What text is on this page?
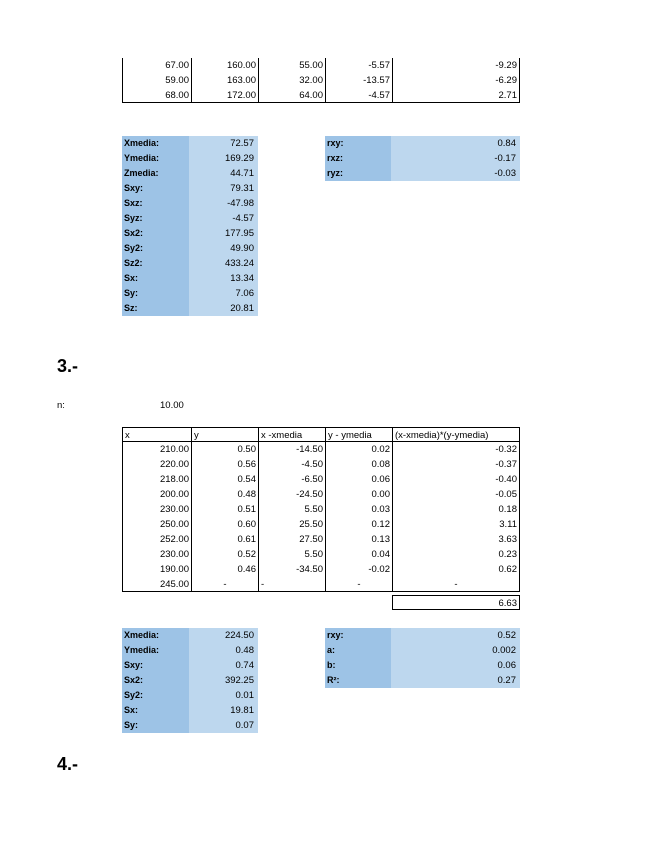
67.00	160.00	55.00	-5.57	-9.29
59.00	163.00	32.00	-13.57	-6.29
68.00	172.00	64.00	-4.57	2.71
Xmedia:	72.57
Ymedia:	169.29
Zmedia:	44.71
Sxy:	79.31
Sxz:	-47.98
Syz:	-4.57
Sx2:	177.95
Sy2:	49.90
Sz2:	433.24
Sx:	13.34
Sy:	7.06
Sz:	20.81
rxy:	0.84
rxz:	-0.17
ryz:	-0.03
3.-
n:	10.00
x	y	x -xmedia	y - ymedia	(x-xmedia)*(y-ymedia)
210.00	0.50	-14.50	0.02	-0.32
220.00	0.56	-4.50	0.08	-0.37
218.00	0.54	-6.50	0.06	-0.40
200.00	0.48	-24.50	0.00	-0.05
230.00	0.51	5.50	0.03	0.18
250.00	0.60	25.50	0.12	3.11
252.00	0.61	27.50	0.13	3.63
230.00	0.52	5.50	0.04	0.23
190.00	0.46	-34.50	-0.02	0.62
245.00	-	-	-	-
6.63
Xmedia:	224.50
Ymedia:	0.48
Sxy:	0.74
Sx2:	392.25
Sy2:	0.01
Sx:	19.81
Sy:	0.07
rxy:	0.52
a:	0.002
b:	0.06
R²:	0.27
4.-
